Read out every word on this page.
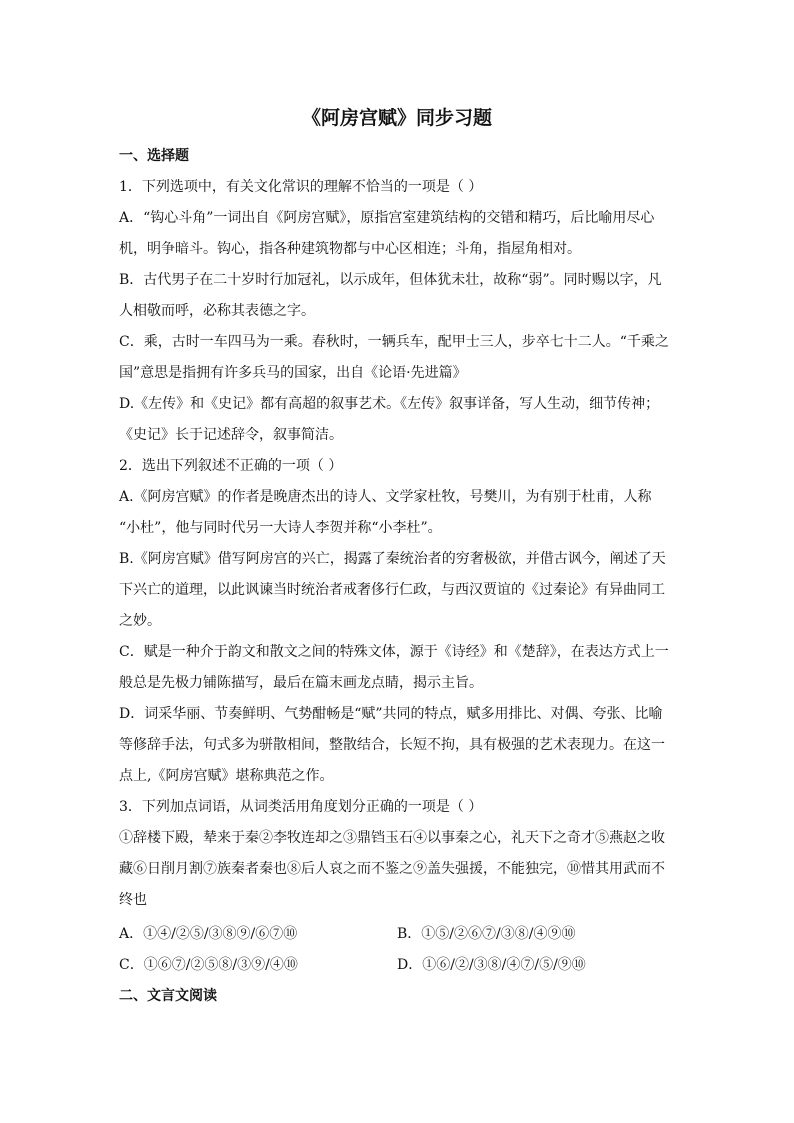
《阿房宫赋》同步习题
一、选择题
1．下列选项中，有关文化常识的理解不恰当的一项是（ ）
A．“钩心斗角”一词出自《阿房宫赋》，原指宫室建筑结构的交错和精巧，后比喻用尽心
机，明争暗斗。钩心，指各种建筑物都与中心区相连；斗角，指屋角相对。
B．古代男子在二十岁时行加冠礼，以示成年，但体犹未壮，故称“弱”。同时赐以字，凡
人相敬而呼，必称其表德之字。
C．乘，古时一车四马为一乘。春秋时，一辆兵车，配甲士三人，步卒七十二人。“千乘之
国”意思是指拥有许多兵马的国家，出自《论语·先进篇》
D.《左传》和《史记》都有高超的叙事艺术。《左传》叙事详备，写人生动，细节传神；
《史记》长于记述辞令，叙事简洁。
2．选出下列叙述不正确的一项（ ）
A.《阿房宫赋》的作者是晚唐杰出的诗人、文学家杜牧，号樊川，为有别于杜甫，人称
“小杜”，他与同时代另一大诗人李贺并称“小李杜”。
B.《阿房宫赋》借写阿房宫的兴亡，揭露了秦统治者的穷奢极欲，并借古讽今，阐述了天
下兴亡的道理，以此讽谏当时统治者戒奢侈行仁政，与西汉贾谊的《过秦论》有异曲同工
之妙。
C．赋是一种介于韵文和散文之间的特殊文体，源于《诗经》和《楚辞》，在表达方式上一
般总是先极力铺陈描写，最后在篇末画龙点睛，揭示主旨。
D．词采华丽、节奏鲜明、气势酣畅是“赋”共同的特点，赋多用排比、对偶、夸张、比喻
等修辞手法，句式多为骈散相间，整散结合，长短不拘，具有极强的艺术表现力。在这一
点上,《阿房宫赋》堪称典范之作。
3．下列加点词语，从词类活用角度划分正确的一项是（ ）
①辞楼下殿，辇来于秦②李牧连却之③鼎铛玉石④以事秦之心，礼天下之奇才⑤燕赵之收
藏⑥日削月割⑦族秦者秦也⑧后人哀之而不鉴之⑨盖失强援，不能独完，⑩惜其用武而不
终也
A．①④/②⑤/③⑧⑨/⑥⑦⑩	B．①⑤/②⑥⑦/③⑧/④⑨⑩
C．①⑥⑦/②⑤⑧/③⑨/④⑩	D．①⑥/②/③⑧/④⑦/⑤/⑨⑩
二、文言文阅读
